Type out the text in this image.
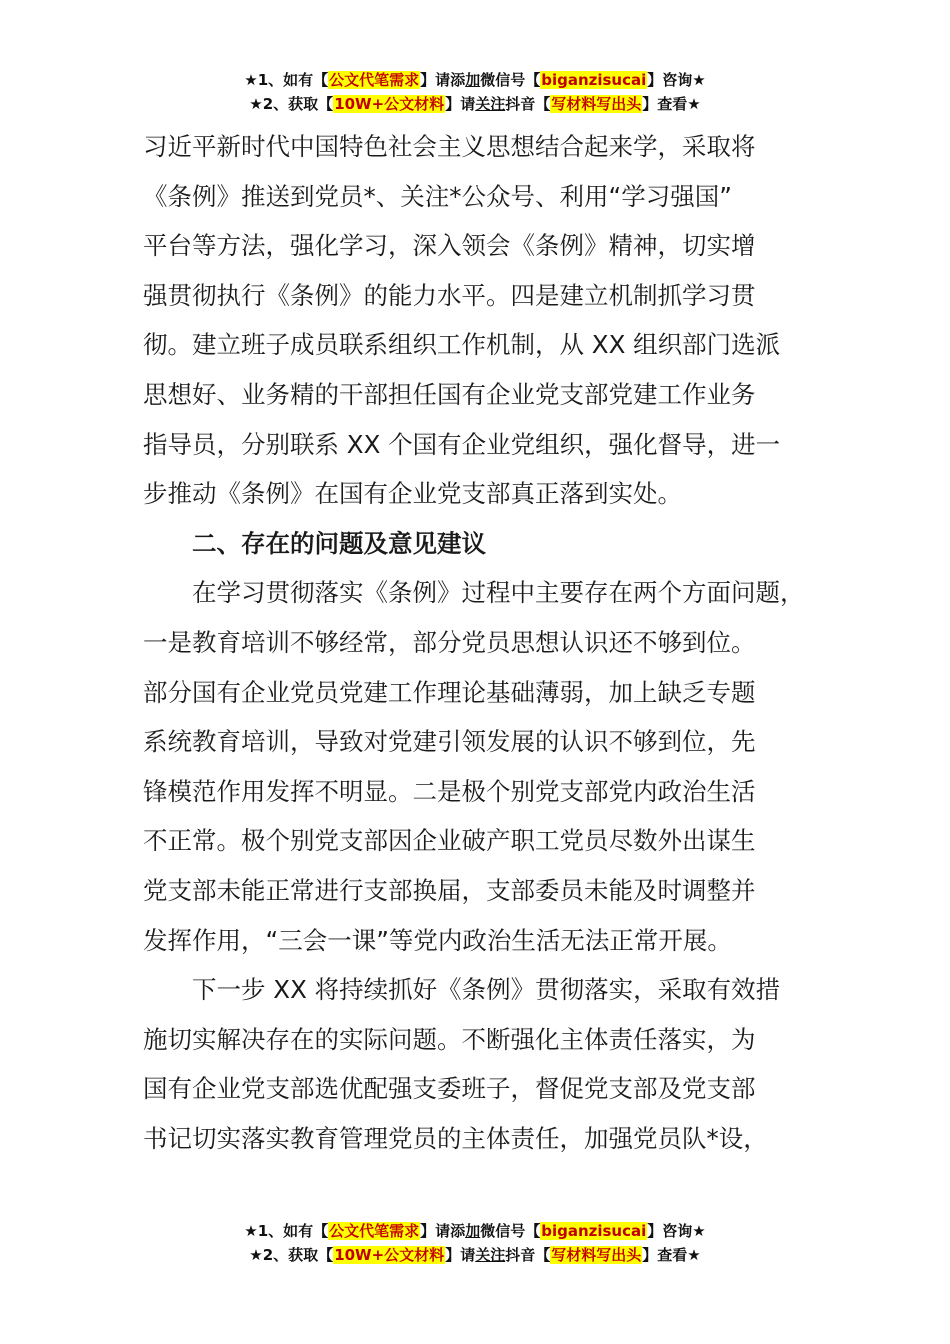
★1、如有【公文代笔需求】请添加微信号【biganzisucai】咨询★
★2、获取【10W+公文材料】请关注抖音【写材料写出头】查看★
习近平新时代中国特色社会主义思想结合起来学，采取将
《条例》推送到党员*、关注*公众号、利用“学习强国”
平台等方法，强化学习，深入领会《条例》精神，切实增
强贯彻执行《条例》的能力水平。四是建立机制抓学习贯
彻。建立班子成员联系组织工作机制，从 XX 组织部门选派
思想好、业务精的干部担任国有企业党支部党建工作业务
指导员，分别联系 XX 个国有企业党组织，强化督导，进一
步推动《条例》在国有企业党支部真正落到实处。
　　二、存在的问题及意见建议
　　在学习贯彻落实《条例》过程中主要存在两个方面问题，
一是教育培训不够经常，部分党员思想认识还不够到位。
部分国有企业党员党建工作理论基础薄弱，加上缺乏专题
系统教育培训，导致对党建引领发展的认识不够到位，先
锋模范作用发挥不明显。二是极个别党支部党内政治生活
不正常。极个别党支部因企业破产职工党员尽数外出谋生
党支部未能正常进行支部换届，支部委员未能及时调整并
发挥作用，“三会一课”等党内政治生活无法正常开展。
　　下一步 XX 将持续抓好《条例》贯彻落实，采取有效措
施切实解决存在的实际问题。不断强化主体责任落实，为
国有企业党支部选优配强支委班子，督促党支部及党支部
书记切实落实教育管理党员的主体责任，加强党员队*设，
★1、如有【公文代笔需求】请添加微信号【biganzisucai】咨询★
★2、获取【10W+公文材料】请关注抖音【写材料写出头】查看★
